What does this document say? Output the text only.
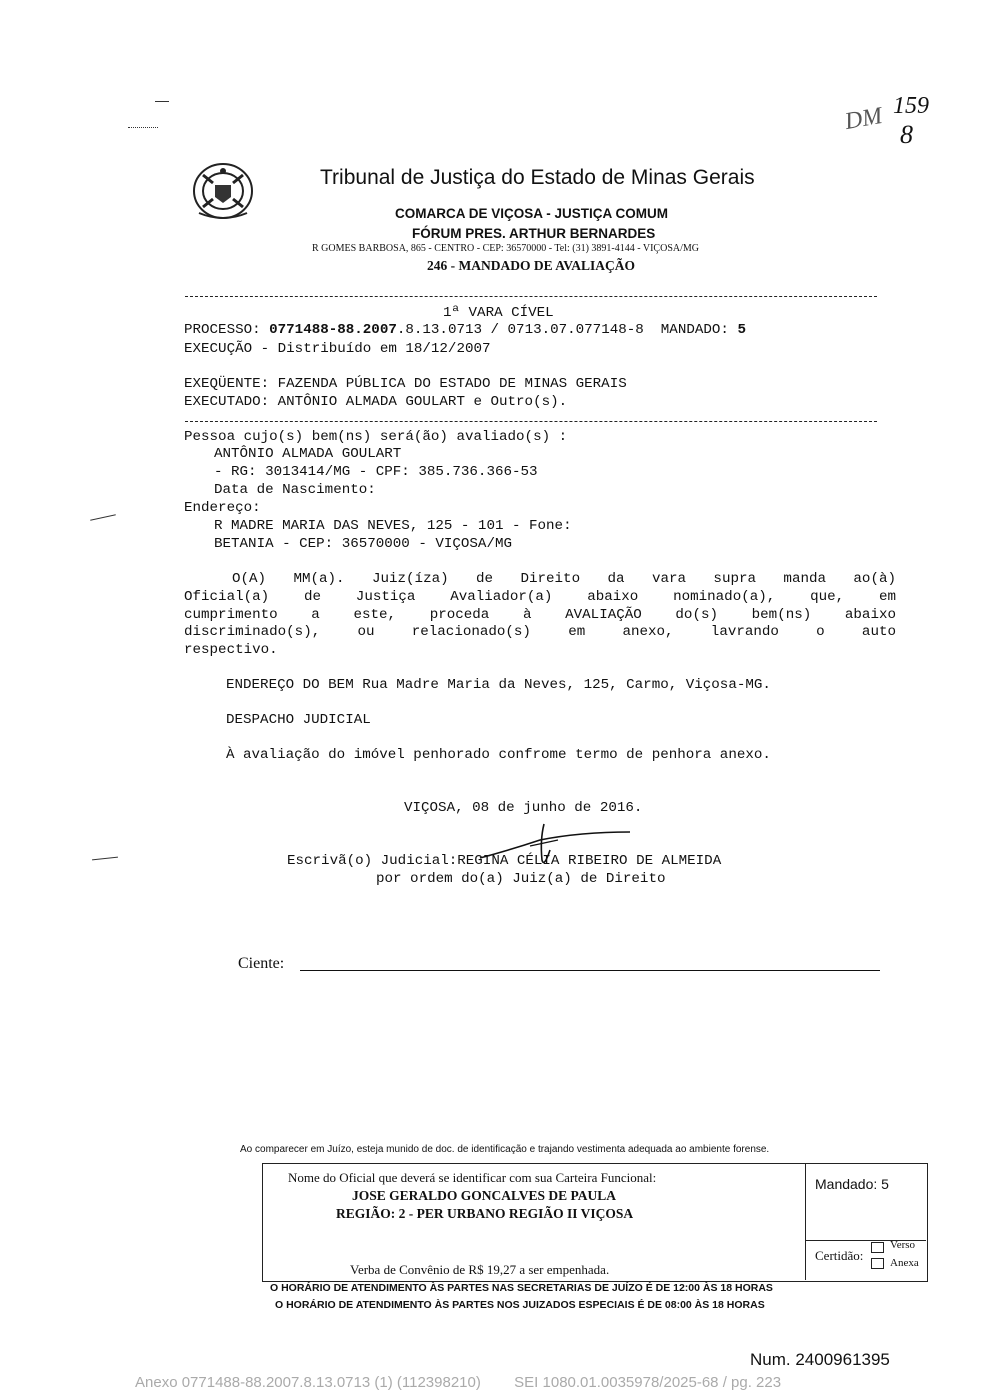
159
8
DM
Tribunal de Justiça do Estado de Minas Gerais
COMARCA DE VIÇOSA - JUSTIÇA COMUM
FÓRUM PRES. ARTHUR BERNARDES
R GOMES BARBOSA, 865 - CENTRO - CEP: 36570000 - Tel: (31) 3891-4144 - VIÇOSA/MG
246 - MANDADO DE AVALIAÇÃO
1ª VARA CÍVEL
PROCESSO: 0771488-88.2007.8.13.0713 / 0713.07.077148-8 MANDADO: 5
EXECUÇÃO - Distribuído em 18/12/2007
EXEQÜENTE: FAZENDA PÚBLICA DO ESTADO DE MINAS GERAIS
EXECUTADO: ANTÔNIO ALMADA GOULART e Outro(s).
Pessoa cujo(s) bem(ns) será(ão) avaliado(s) :
ANTÔNIO ALMADA GOULART
- RG: 3013414/MG - CPF: 385.736.366-53
Data de Nascimento:
Endereço:
R MADRE MARIA DAS NEVES, 125 - 101 - Fone:
BETANIA - CEP: 36570000 - VIÇOSA/MG
O(A) MM(a). Juiz(íza) de Direito da vara supra manda ao(à)
Oficial(a) de Justiça Avaliador(a) abaixo nominado(a), que, em
cumprimento a este, proceda à AVALIAÇÃO do(s) bem(ns) abaixo
discriminado(s), ou relacionado(s) em anexo, lavrando o auto
respectivo.
ENDEREÇO DO BEM Rua Madre Maria da Neves, 125, Carmo, Viçosa-MG.
DESPACHO JUDICIAL
À avaliação do imóvel penhorado confrome termo de penhora anexo.
VIÇOSA, 08 de junho de 2016.
Escrivã(o) Judicial:REGINA CÉLIA RIBEIRO DE ALMEIDA
por ordem do(a) Juiz(a) de Direito
Ciente:
Ao comparecer em Juízo, esteja munido de doc. de identificação e trajando vestimenta adequada ao ambiente forense.
Nome do Oficial que deverá se identificar com sua Carteira Funcional:
JOSE GERALDO GONCALVES DE PAULA
REGIÃO: 2 - PER URBANO REGIÃO II VIÇOSA
Verba de Convênio de R$ 19,27 a ser empenhada.
Mandado: 5
Certidão:
Verso
Anexa
O HORÁRIO DE ATENDIMENTO ÀS PARTES NAS SECRETARIAS DE JUÍZO É DE 12:00 ÀS 18 HORAS
O HORÁRIO DE ATENDIMENTO ÀS PARTES NOS JUIZADOS ESPECIAIS É DE 08:00 ÀS 18 HORAS
Num. 2400961395
Anexo 0771488-88.2007.8.13.0713 (1) (112398210)        SEI 1080.01.0035978/2025-68 / pg. 223
